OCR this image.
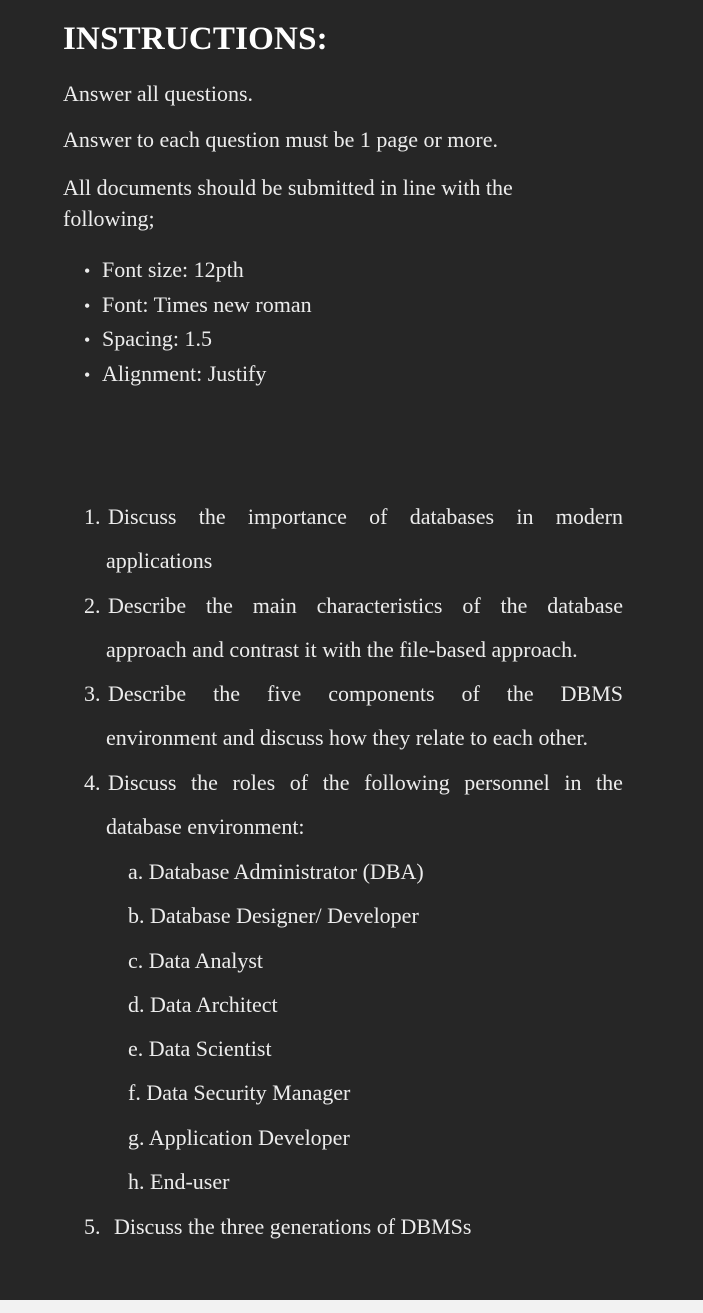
INSTRUCTIONS:

Answer all questions.

Answer to each question must be 1 page or more.

All documents should be submitted in line with the following;

• Font size: 12pth
• Font: Times new roman
• Spacing: 1.5
• Alignment: Justify
1. Discuss the importance of databases in modern
applications
2. Describe the main characteristics of the database
approach and contrast it with the file-based approach.
3. Describe the five components of the DBMS
environment and discuss how they relate to each other.
4. Discuss the roles of the following personnel in the
database environment:
a. Database Administrator (DBA)
b. Database Designer/ Developer
c. Data Analyst
d. Data Architect
e. Data Scientist
f. Data Security Manager
g. Application Developer
h. End-user
5. Discuss the three generations of DBMSs
